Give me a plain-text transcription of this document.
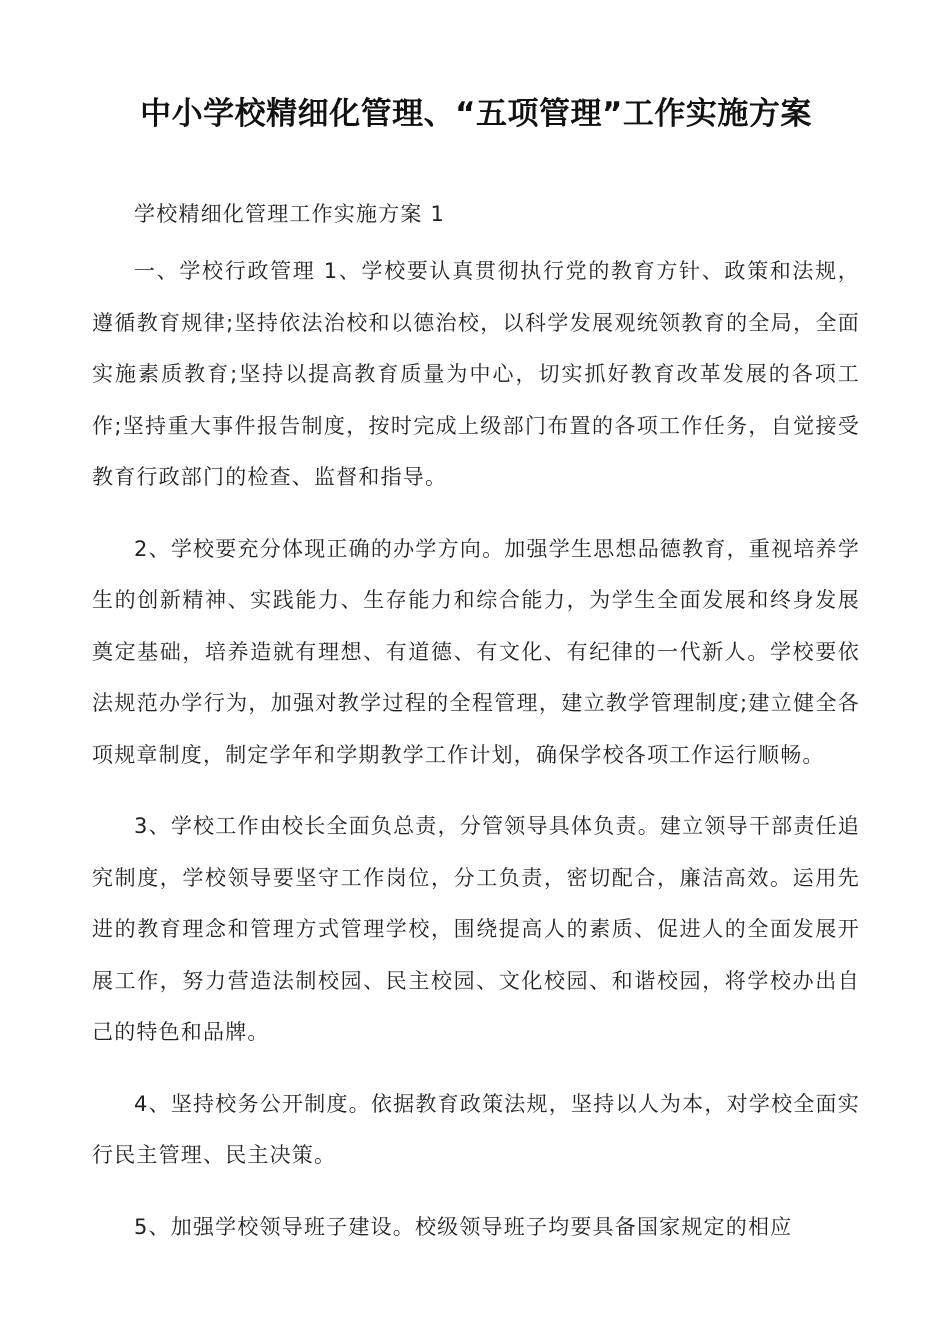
中小学校精细化管理、“五项管理”工作实施方案

学校精细化管理工作实施方案 1

一、学校行政管理 1、学校要认真贯彻执行党的教育方针、政策和法规，遵循教育规律;坚持依法治校和以德治校，以科学发展观统领教育的全局，全面实施素质教育;坚持以提高教育质量为中心，切实抓好教育改革发展的各项工作;坚持重大事件报告制度，按时完成上级部门布置的各项工作任务，自觉接受教育行政部门的检查、监督和指导。

2、学校要充分体现正确的办学方向。加强学生思想品德教育，重视培养学生的创新精神、实践能力、生存能力和综合能力，为学生全面发展和终身发展奠定基础，培养造就有理想、有道德、有文化、有纪律的一代新人。学校要依法规范办学行为，加强对教学过程的全程管理，建立教学管理制度;建立健全各项规章制度，制定学年和学期教学工作计划，确保学校各项工作运行顺畅。

3、学校工作由校长全面负总责，分管领导具体负责。建立领导干部责任追究制度，学校领导要坚守工作岗位，分工负责，密切配合，廉洁高效。运用先进的教育理念和管理方式管理学校，围绕提高人的素质、促进人的全面发展开展工作，努力营造法制校园、民主校园、文化校园、和谐校园，将学校办出自己的特色和品牌。

4、坚持校务公开制度。依据教育政策法规，坚持以人为本，对学校全面实行民主管理、民主决策。

5、加强学校领导班子建设。校级领导班子均要具备国家规定的相应
